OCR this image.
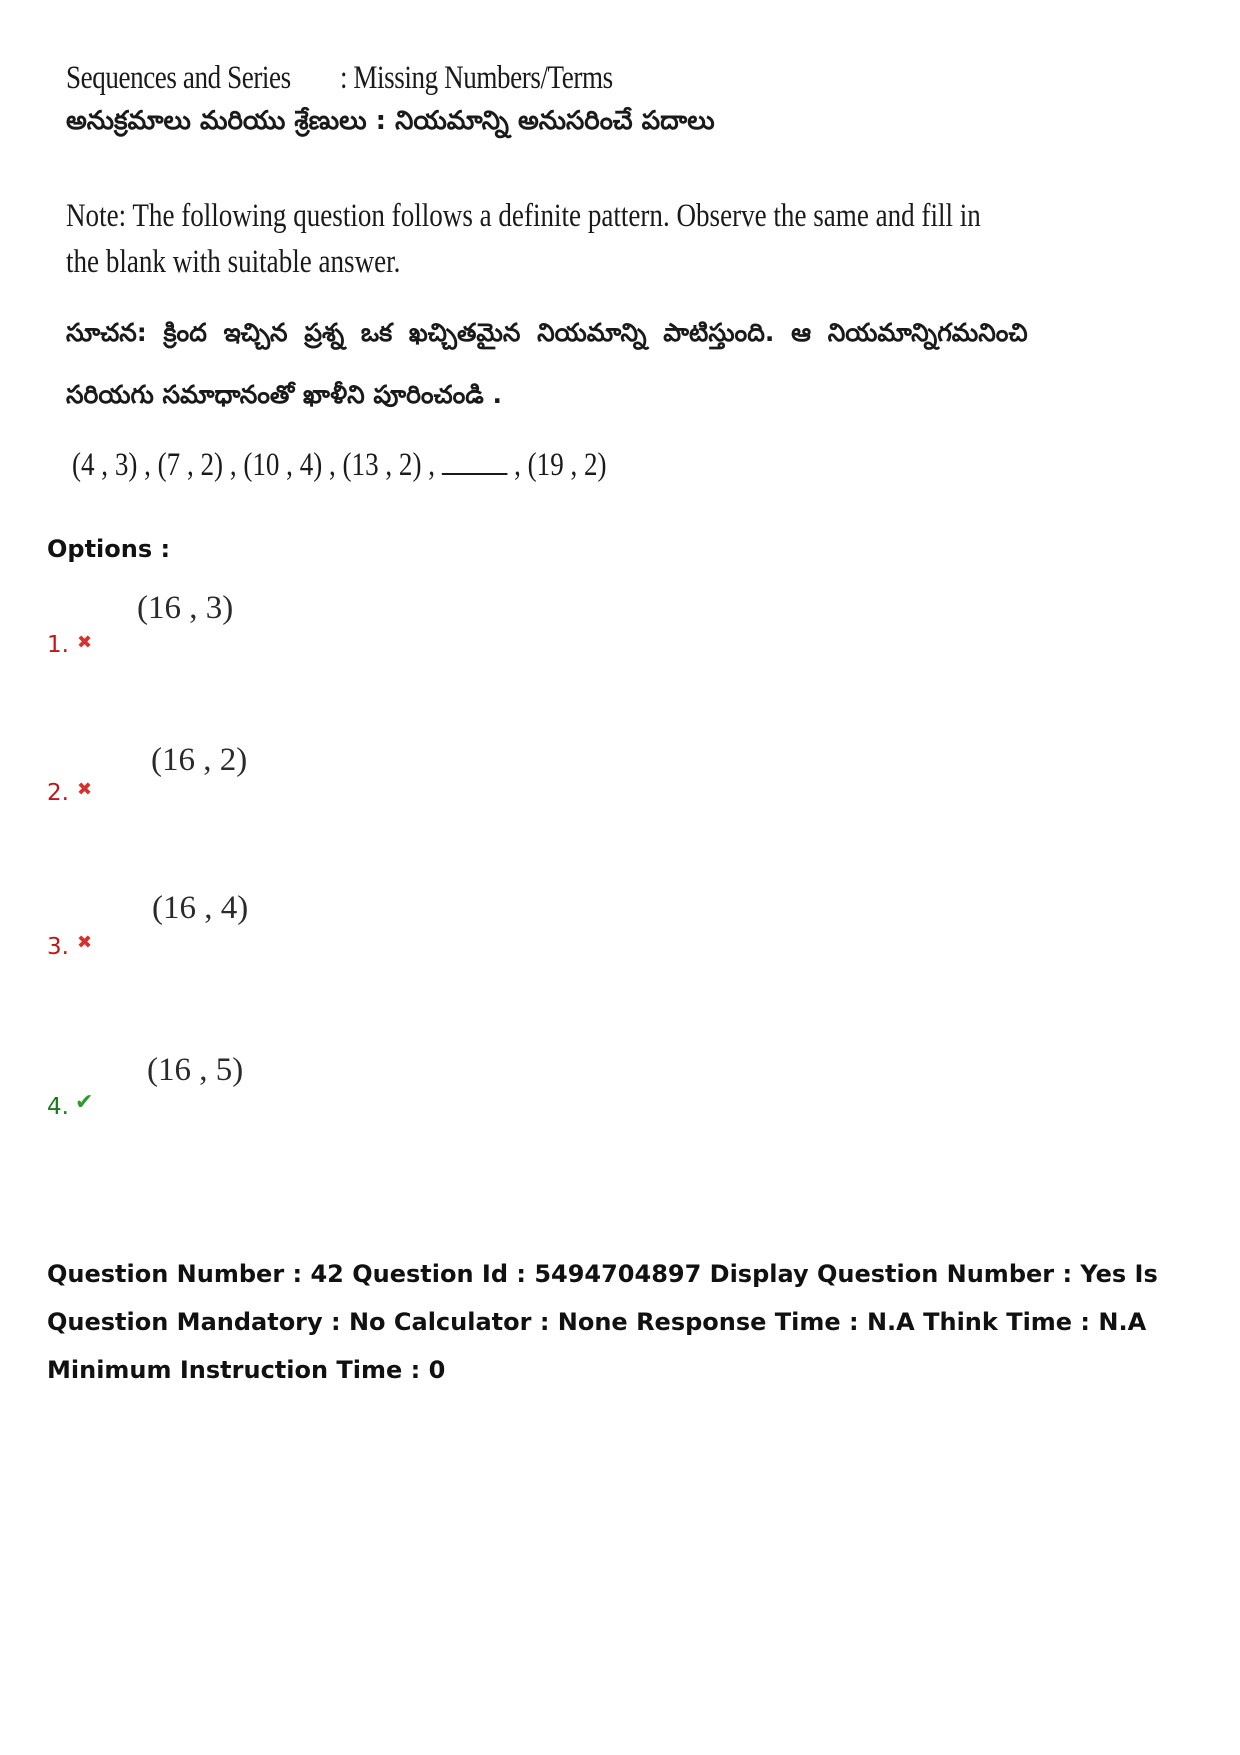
Sequences and Series : Missing Numbers/Terms
అనుక్రమాలు మరియు శ్రేణులు : నియమాన్ని అనుసరించే పదాలు
Note: The following question follows a definite pattern. Observe the same and fill in
the blank with suitable answer.
సూచన: క్రింద ఇచ్చిన ప్రశ్న ఒక ఖచ్చితమైన నియమాన్ని పాటిస్తుంది. ఆ నియమాన్నిగమనించి
సరియగు సమాధానంతో ఖాళీని పూరించండి .
(4 , 3) , (7 , 2) , (10 , 4) , (13 , 2) ,  , (19 , 2)
Options :
1. ✖
(16 , 3)
2. ✖
(16 , 2)
3. ✖
(16 , 4)
4. ✔
(16 , 5)

Question Number : 42 Question Id : 5494704897 Display Question Number : Yes Is Question Mandatory : No Calculator : None Response Time : N.A Think Time : N.A Minimum Instruction Time : 0
